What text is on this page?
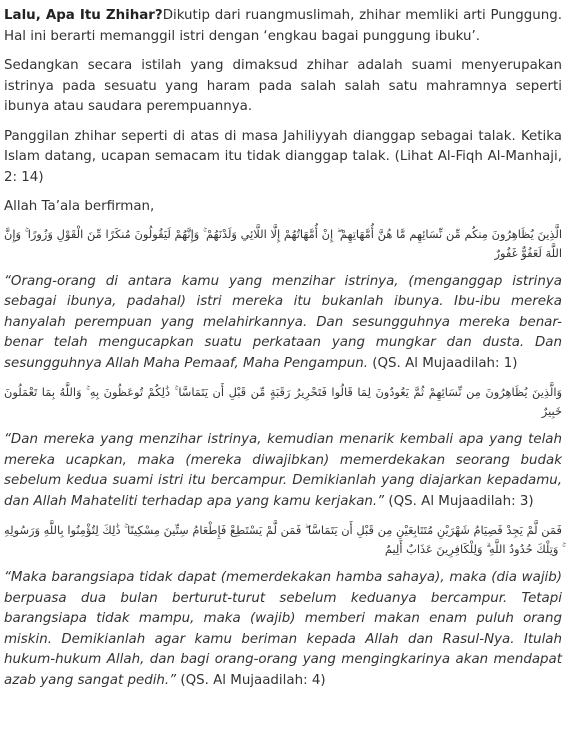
Lalu, Apa Itu Zhihar?Dikutip dari ruangmuslimah, zhihar memliki arti Punggung. Hal ini berarti memanggil istri dengan ‘engkau bagai punggung ibuku’.

Sedangkan secara istilah yang dimaksud zhihar adalah suami menyerupakan istrinya pada sesuatu yang haram pada salah salah satu mahramnya seperti ibunya atau saudara perempuannya.

Panggilan zhihar seperti di atas di masa Jahiliyyah dianggap sebagai talak. Ketika Islam datang, ucapan semacam itu tidak dianggap talak. (Lihat Al-Fiqh Al-Manhaji, 2: 14)

Allah Ta’ala berfirman,

الَّذِينَ يُظَاهِرُونَ مِنكُم مِّن نِّسَائِهِم مَّا هُنَّ أُمَّهَاتِهِمْ ۖ إِنْ أُمَّهَاتُهُمْ إِلَّا اللَّائِي وَلَدْنَهُمْ ۚ وَإِنَّهُمْ لَيَقُولُونَ مُنكَرًا مِّنَ الْقَوْلِ وَزُورًا ۚ وَإِنَّ اللَّهَ لَعَفُوٌّ غَفُورٌ

“Orang-orang di antara kamu yang menzihar istrinya, (menganggap istrinya sebagai ibunya, padahal) istri mereka itu bukanlah ibunya. Ibu-ibu mereka hanyalah perempuan yang melahirkannya. Dan sesungguhnya mereka benar-benar telah mengucapkan suatu perkataan yang mungkar dan dusta. Dan sesungguhnya Allah Maha Pemaaf, Maha Pengampun. (QS. Al Mujaadilah: 1)

وَالَّذِينَ يُظَاهِرُونَ مِن نِّسَائِهِمْ ثُمَّ يَعُودُونَ لِمَا قَالُوا فَتَحْرِيرُ رَقَبَةٍ مِّن قَبْلِ أَن يَتَمَاسَّا ۚ ذَٰلِكُمْ تُوعَظُونَ بِهِ ۚ وَاللَّهُ بِمَا تَعْمَلُونَ خَبِيرٌ

“Dan mereka yang menzihar istrinya, kemudian menarik kembali apa yang telah mereka ucapkan, maka (mereka diwajibkan) memerdekakan seorang budak sebelum kedua suami istri itu bercampur. Demikianlah yang diajarkan kepadamu, dan Allah Mahateliti terhadap apa yang kamu kerjakan.” (QS. Al Mujaadilah: 3)

فَمَن لَّمْ يَجِدْ فَصِيَامُ شَهْرَيْنِ مُتَتَابِعَيْنِ مِن قَبْلِ أَن يَتَمَاسَّا ۖ فَمَن لَّمْ يَسْتَطِعْ فَإِطْعَامُ سِتِّينَ مِسْكِينًا ۚ ذَٰلِكَ لِتُؤْمِنُوا بِاللَّهِ وَرَسُولِهِ ۚ وَتِلْكَ حُدُودُ اللَّهِ ۗ وَلِلْكَافِرِينَ عَذَابٌ أَلِيمٌ

“Maka barangsiapa tidak dapat (memerdekakan hamba sahaya), maka (dia wajib) berpuasa dua bulan berturut-turut sebelum keduanya bercampur. Tetapi barangsiapa tidak mampu, maka (wajib) memberi makan enam puluh orang miskin. Demikianlah agar kamu beriman kepada Allah dan Rasul-Nya. Itulah hukum-hukum Allah, dan bagi orang-orang yang mengingkarinya akan mendapat azab yang sangat pedih.” (QS. Al Mujaadilah: 4)
